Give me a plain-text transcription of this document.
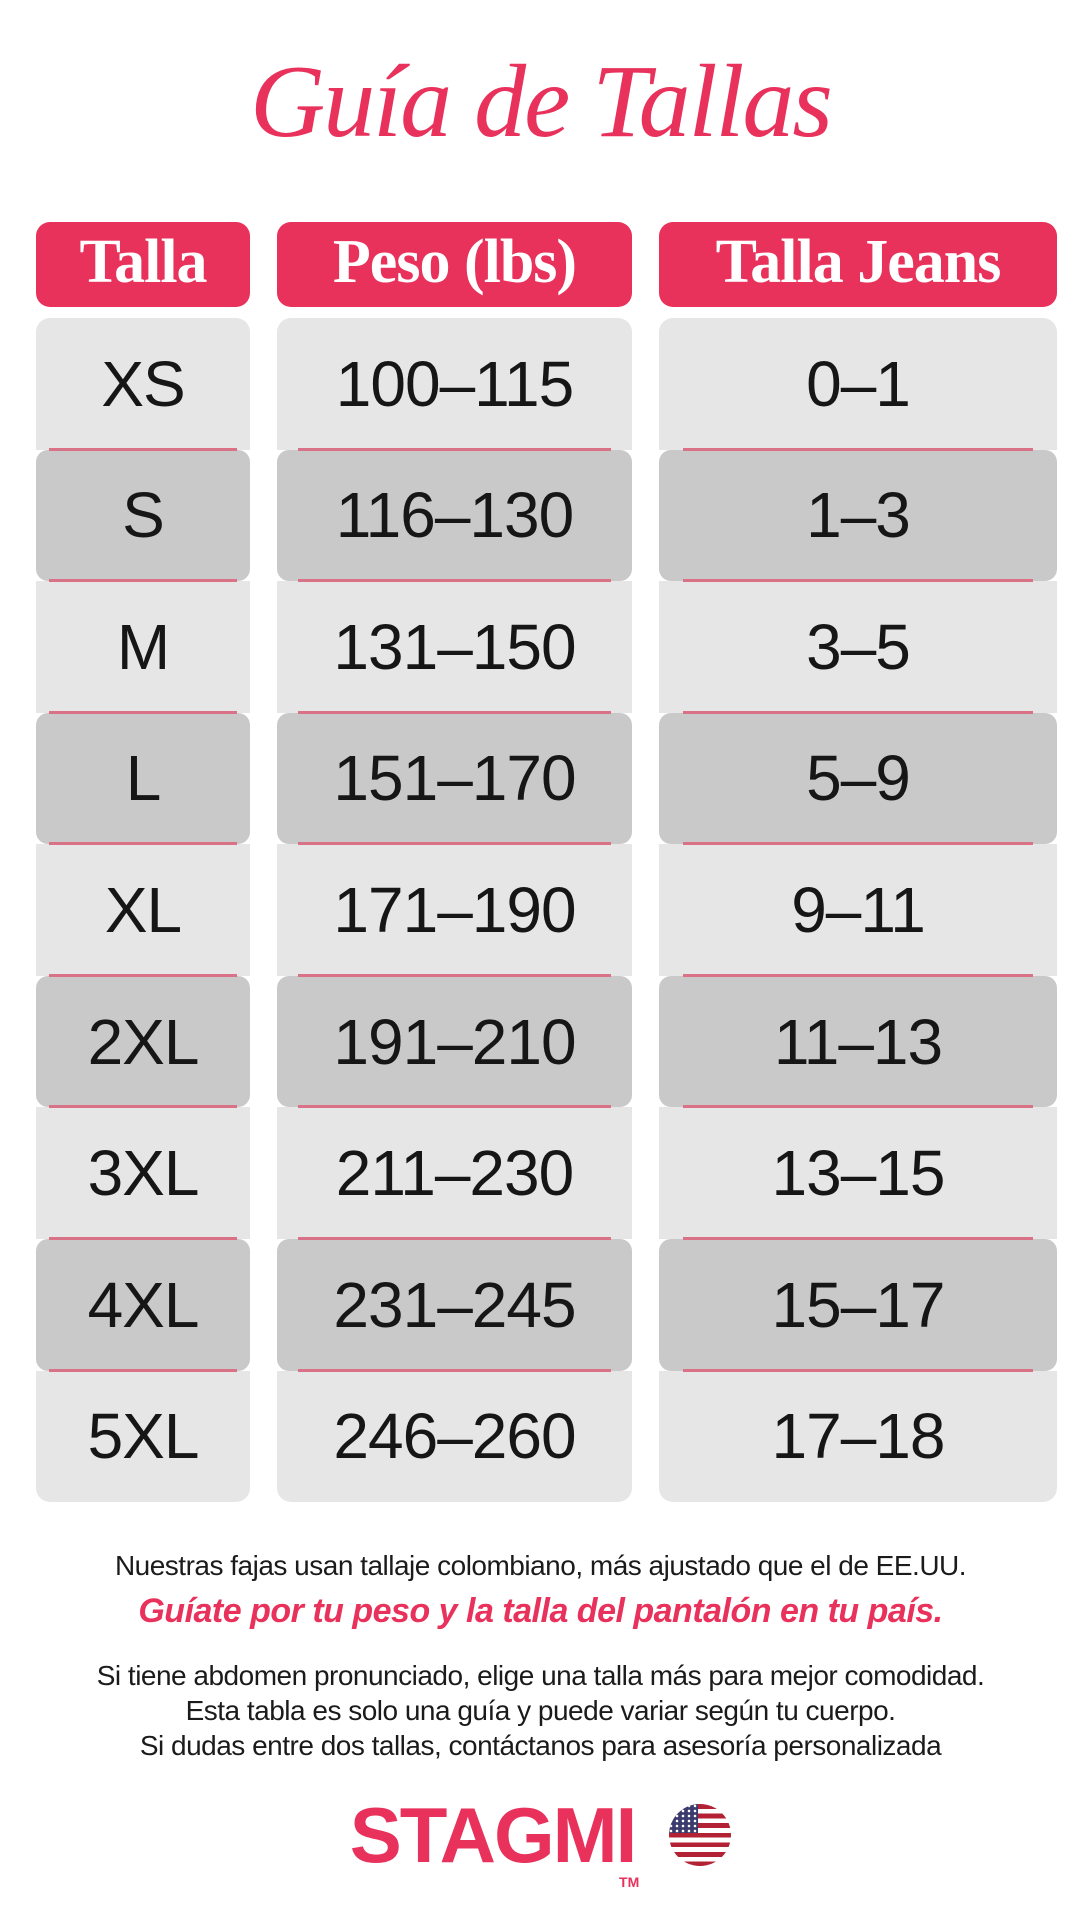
Guía de Tallas
Talla	Peso (lbs)	Talla Jeans
XS
S
M
L
XL
2XL
3XL
4XL
5XL
100–115
116–130
131–150
151–170
171–190
191–210
211–230
231–245
246–260
0–1
1–3
3–5
5–9
9–11
11–13
13–15
15–17
17–18
Nuestras fajas usan tallaje colombiano, más ajustado que el de EE.UU.
Guíate por tu peso y la talla del pantalón en tu país.
Si tiene abdomen pronunciado, elige una talla más para mejor comodidad.
Esta tabla es solo una guía y puede variar según tu cuerpo.
Si dudas entre dos tallas, contáctanos para asesoría personalizada
STAGMI
TM
